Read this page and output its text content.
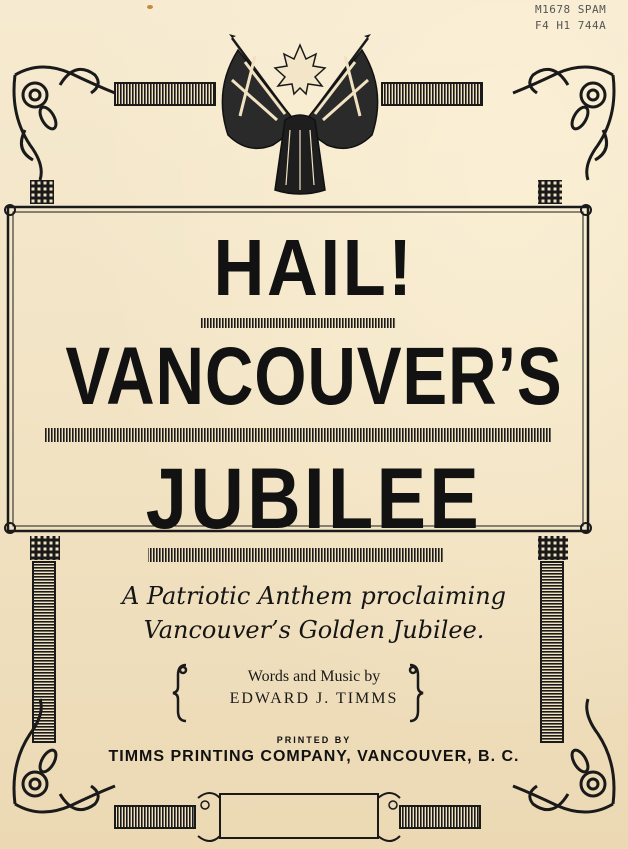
M1678 SPAM
F4 H1 744A
HAIL!
VANCOUVER’S
JUBILEE
A Patriotic Anthem proclaiming
Vancouver’s Golden Jubilee.
Words and Music by
EDWARD J. TIMMS
PRINTED BY
TIMMS PRINTING COMPANY, VANCOUVER, B. C.
